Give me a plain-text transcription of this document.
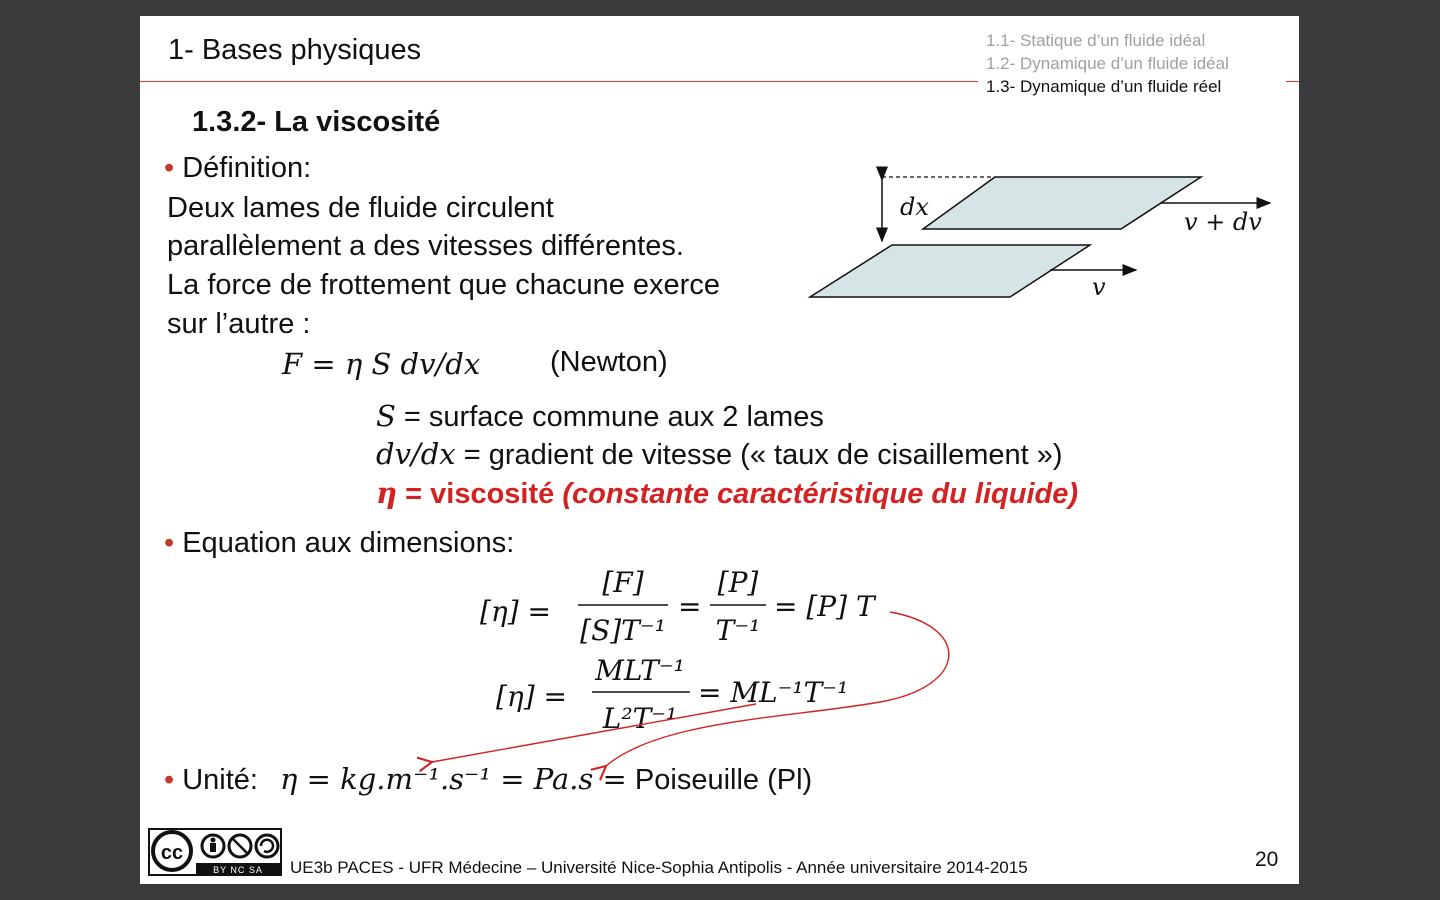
1- Bases physiques	1.1- Statique d’un fluide idéal
1.2- Dynamique d’un fluide idéal
1.3- Dynamique d’un fluide réel
1.3.2- La viscosité
• Définition:
Deux lames de fluide circulent
parallèlement a des vitesses différentes.
La force de frottement que chacune exerce
sur l’autre :
F = η S dv/dx (Newton)
S = surface commune aux 2 lames
dv/dx = gradient de vitesse (« taux de cisaillement »)
η = viscosité (constante caractéristique du liquide)
dx
v + dv
v
• Equation aux dimensions:
[η] =
[F]
[S]T⁻¹
=
[P]
T⁻¹
= [P] T
[η] =
MLT⁻¹
L²T⁻¹
= ML⁻¹T⁻¹
• Unité: η = kg.m⁻¹.s⁻¹ = Pa.s = Poiseuille (Pl)
cc
BY NC SA UE3b PACES - UFR Médecine – Université Nice-Sophia Antipolis - Année universitaire 2014-2015	20
